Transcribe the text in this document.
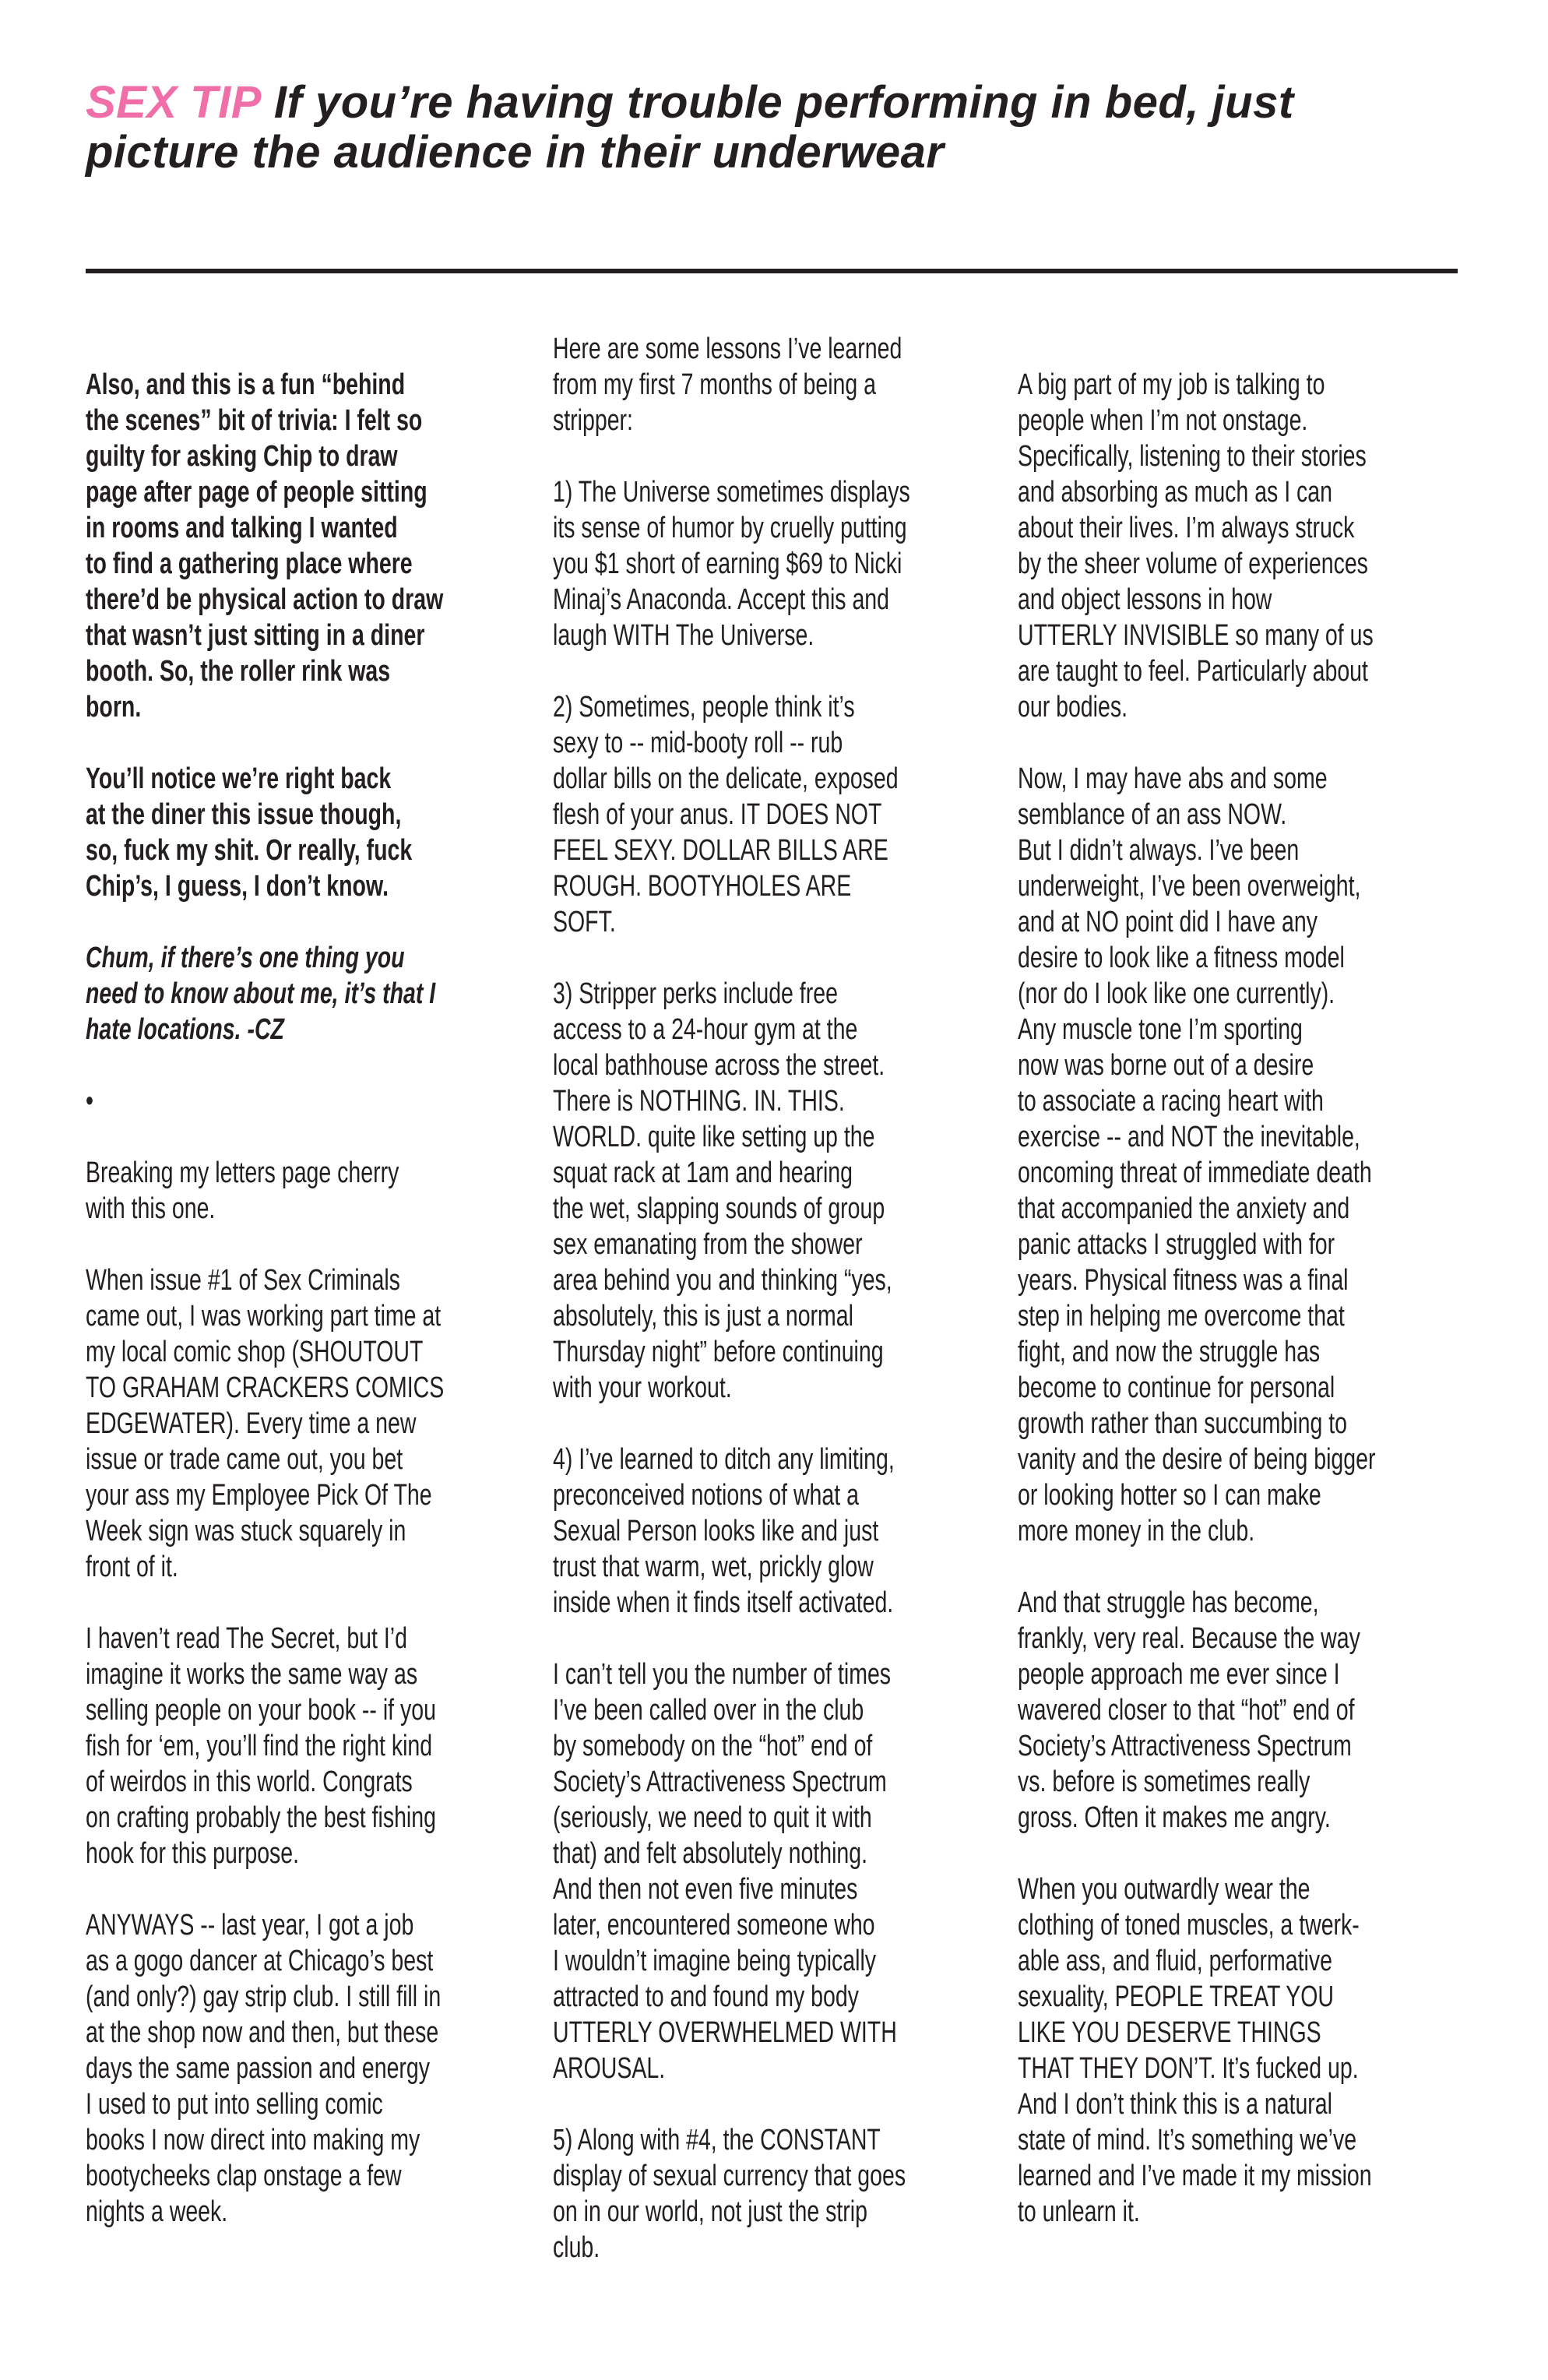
SEX TIP If you’re having trouble performing in bed, just
picture the audience in their underwear
Also, and this is a fun “behind
the scenes” bit of trivia: I felt so
guilty for asking Chip to draw
page after page of people sitting
in rooms and talking I wanted
to find a gathering place where
there’d be physical action to draw
that wasn’t just sitting in a diner
booth. So, the roller rink was
born.
You’ll notice we’re right back
at the diner this issue though,
so, fuck my shit. Or really, fuck
Chip’s, I guess, I don’t know.
Chum, if there’s one thing you
need to know about me, it’s that I
hate locations. -CZ
•
Breaking my letters page cherry
with this one.
When issue #1 of Sex Criminals
came out, I was working part time at
my local comic shop (SHOUTOUT
TO GRAHAM CRACKERS COMICS
EDGEWATER). Every time a new
issue or trade came out, you bet
your ass my Employee Pick Of The
Week sign was stuck squarely in
front of it.
I haven’t read The Secret, but I’d
imagine it works the same way as
selling people on your book -- if you
fish for ‘em, you’ll find the right kind
of weirdos in this world. Congrats
on crafting probably the best fishing
hook for this purpose.
ANYWAYS -- last year, I got a job
as a gogo dancer at Chicago’s best
(and only?) gay strip club. I still fill in
at the shop now and then, but these
days the same passion and energy
I used to put into selling comic
books I now direct into making my
bootycheeks clap onstage a few
nights a week.
Here are some lessons I’ve learned
from my first 7 months of being a
stripper:
1) The Universe sometimes displays
its sense of humor by cruelly putting
you $1 short of earning $69 to Nicki
Minaj’s Anaconda. Accept this and
laugh WITH The Universe.
2) Sometimes, people think it’s
sexy to -- mid-booty roll -- rub
dollar bills on the delicate, exposed
flesh of your anus. IT DOES NOT
FEEL SEXY. DOLLAR BILLS ARE
ROUGH. BOOTYHOLES ARE
SOFT.
3) Stripper perks include free
access to a 24-hour gym at the
local bathhouse across the street.
There is NOTHING. IN. THIS.
WORLD. quite like setting up the
squat rack at 1am and hearing
the wet, slapping sounds of group
sex emanating from the shower
area behind you and thinking “yes,
absolutely, this is just a normal
Thursday night” before continuing
with your workout.
4) I’ve learned to ditch any limiting,
preconceived notions of what a
Sexual Person looks like and just
trust that warm, wet, prickly glow
inside when it finds itself activated.
I can’t tell you the number of times
I’ve been called over in the club
by somebody on the “hot” end of
Society’s Attractiveness Spectrum
(seriously, we need to quit it with
that) and felt absolutely nothing.
And then not even five minutes
later, encountered someone who
I wouldn’t imagine being typically
attracted to and found my body
UTTERLY OVERWHELMED WITH
AROUSAL.
5) Along with #4, the CONSTANT
display of sexual currency that goes
on in our world, not just the strip
club.
A big part of my job is talking to
people when I’m not onstage.
Specifically, listening to their stories
and absorbing as much as I can
about their lives. I’m always struck
by the sheer volume of experiences
and object lessons in how
UTTERLY INVISIBLE so many of us
are taught to feel. Particularly about
our bodies.
Now, I may have abs and some
semblance of an ass NOW.
But I didn’t always. I’ve been
underweight, I’ve been overweight,
and at NO point did I have any
desire to look like a fitness model
(nor do I look like one currently).
Any muscle tone I’m sporting
now was borne out of a desire
to associate a racing heart with
exercise -- and NOT the inevitable,
oncoming threat of immediate death
that accompanied the anxiety and
panic attacks I struggled with for
years. Physical fitness was a final
step in helping me overcome that
fight, and now the struggle has
become to continue for personal
growth rather than succumbing to
vanity and the desire of being bigger
or looking hotter so I can make
more money in the club.
And that struggle has become,
frankly, very real. Because the way
people approach me ever since I
wavered closer to that “hot” end of
Society’s Attractiveness Spectrum
vs. before is sometimes really
gross. Often it makes me angry.
When you outwardly wear the
clothing of toned muscles, a twerk-
able ass, and fluid, performative
sexuality, PEOPLE TREAT YOU
LIKE YOU DESERVE THINGS
THAT THEY DON’T. It’s fucked up.
And I don’t think this is a natural
state of mind. It’s something we’ve
learned and I’ve made it my mission
to unlearn it.
